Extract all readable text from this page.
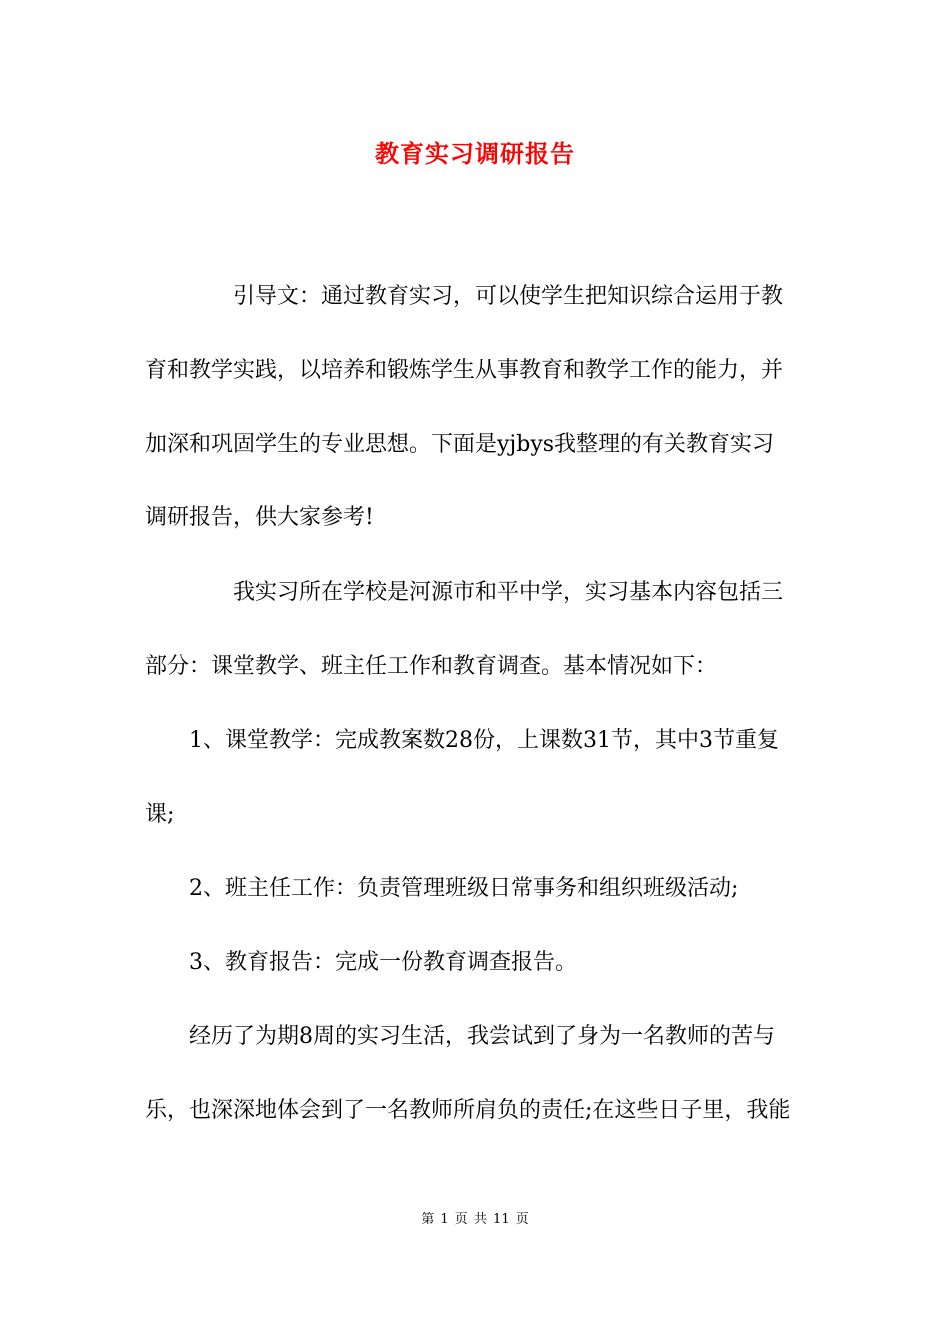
教育实习调研报告
引导文：通过教育实习，可以使学生把知识综合运用于教
育和教学实践，以培养和锻炼学生从事教育和教学工作的能力，并
加深和巩固学生的专业思想。下面是yjbys我整理的有关教育实习
调研报告，供大家参考!
我实习所在学校是河源市和平中学，实习基本内容包括三
部分：课堂教学、班主任工作和教育调查。基本情况如下：
1、课堂教学：完成教案数28份，上课数31节，其中3节重复
课;
2、班主任工作：负责管理班级日常事务和组织班级活动;
3、教育报告：完成一份教育调查报告。
经历了为期8周的实习生活，我尝试到了身为一名教师的苦与
乐，也深深地体会到了一名教师所肩负的责任;在这些日子里，我能
第 1 页 共 11 页
